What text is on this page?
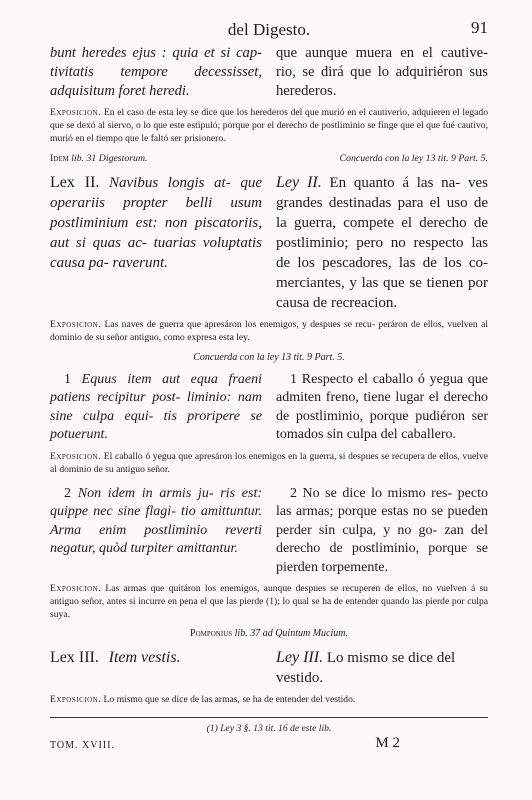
del Digesto.	91
bunt heredes ejus : quia et si cap- tivitatis tempore decessisset, adquisitum foret heredi.
que aunque muera en el cautive- rio, se dirá que lo adquiriéron sus herederos.
Exposicion. En el caso de esta ley se dice que los herederos del que murió en el cautiverio, adquieren el legado que se dexó al siervo, o lo que este estipuló; porque por el derecho de postliminio se finge que el que fué cautivo, murió en el tiempo que le faltó ser prisionero.
Idem lib. 31 Digestorum.	Concuerda con la ley 13 tit. 9 Part. 5.
Lex II. Navibus longis at- que operariis propter belli usum postliminium est: non piscatoriis, aut si quas ac- tuarias voluptatis causa pa- raverunt.
Ley II. En quanto á las na- ves grandes destinadas para el uso de la guerra, compete el derecho de postliminio; pero no respecto las de los pescadores, las de los co- merciantes, y las que se tienen por causa de recreacion.
Exposicion. Las naves de guerra que apresáron los enemigos, y despues se recu- peráron de ellos, vuelven al dominio de su señor antiguo, como expresa esta ley.
Concuerda con la ley 13 tit. 9 Part. 5.
1 Equus item aut equa fraeni patiens recipitur post- liminio: nam sine culpa equi- tis proripere se potuerunt.
1 Respecto el caballo ó yegua que admiten freno, tiene lugar el derecho de postliminio, porque pudiéron ser tomados sin culpa del caballero.
Exposicion. El caballo ó yegua que apresáron los enemigos en la guerra, si despues se recupera de ellos, vuelve al dominio de su antiguo señor.
2 Non idem in armis ju- ris est: quippe nec sine flagi- tio amittuntur. Arma enim postliminio reverti negatur, quòd turpiter amittantur.
2 No se dice lo mismo res- pecto las armas; porque estas no se pueden perder sin culpa, y no go- zan del derecho de postliminio, porque se pierden torpemente.
Exposicion. Las armas que quitáron los enemigos, aunque despues se recuperen de ellos, no vuelven á su antiguo señor, antes si incurre en pena el que las pierde (1); lo qual se ha de entender quando las pierde por culpa suya.
Pomponius lib. 37 ad Quintum Mucium.
Lex III. Item vestis.	Ley III. Lo mismo se dice del vestido.
Exposicion. Lo mismo que se dice de las armas, se ha de entender del vestido.
(1) Ley 3 §. 13 tit. 16 de este lib.
TOM. XVIII.	M 2
